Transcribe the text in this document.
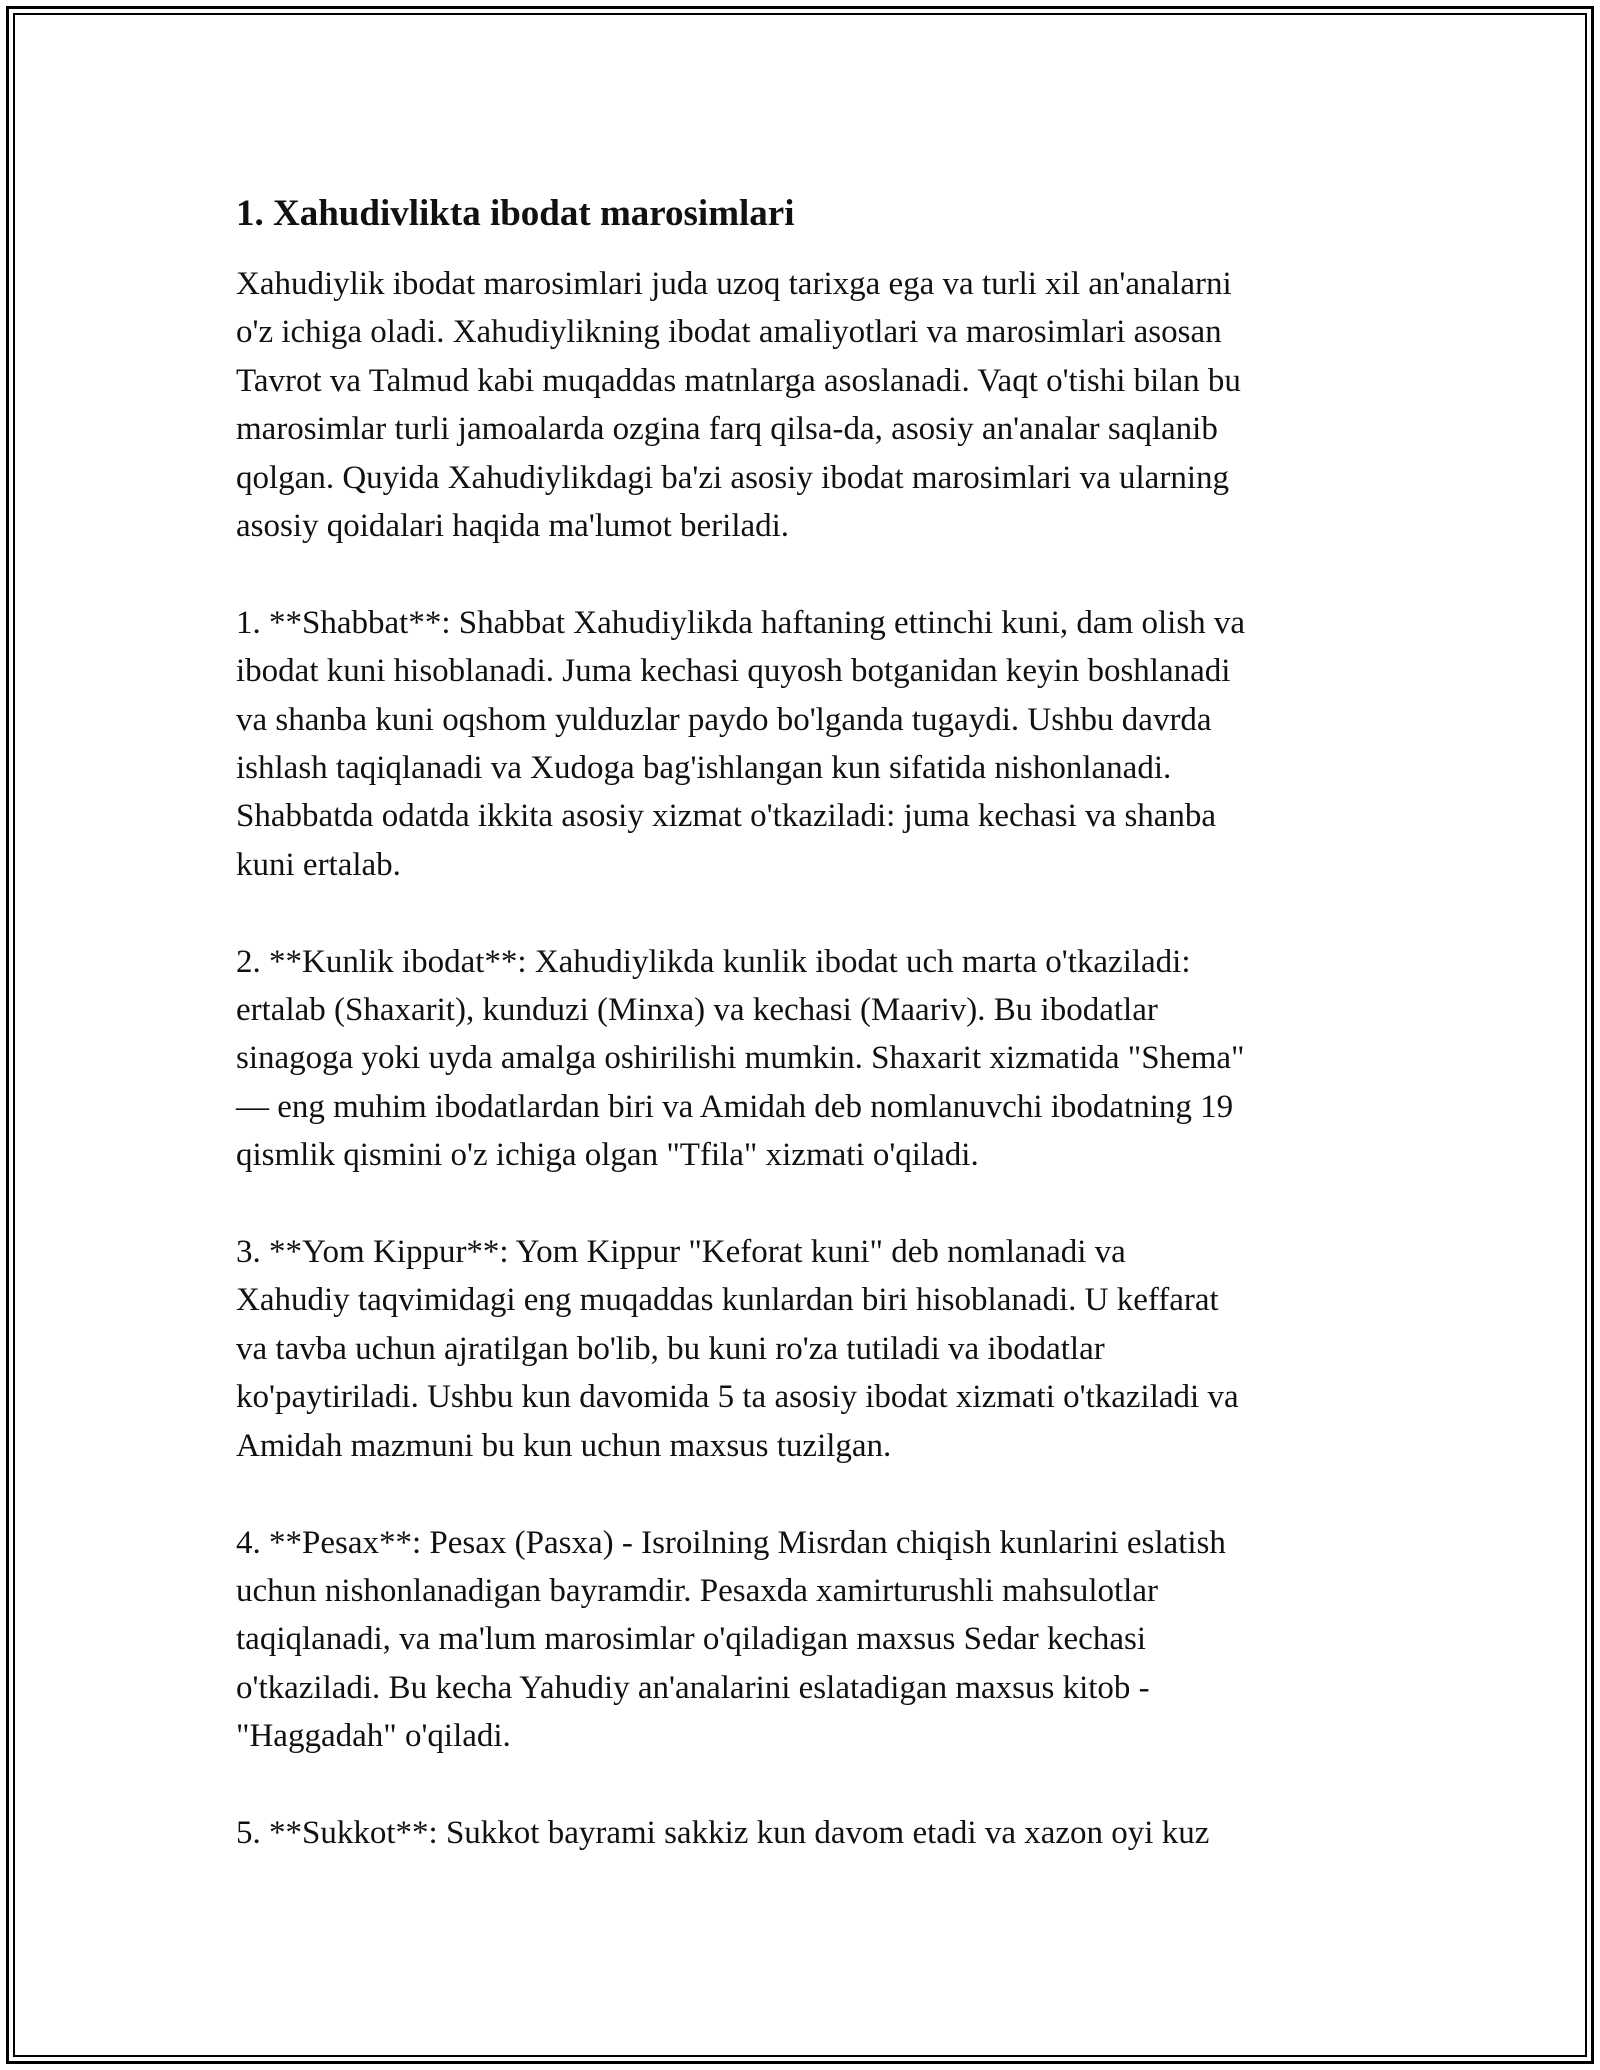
1. Xahudivlikta ibodat marosimlari
Xahudiylik ibodat marosimlari juda uzoq tarixga ega va turli xil an'analarni
o'z ichiga oladi. Xahudiylikning ibodat amaliyotlari va marosimlari asosan
Tavrot va Talmud kabi muqaddas matnlarga asoslanadi. Vaqt o'tishi bilan bu
marosimlar turli jamoalarda ozgina farq qilsa-da, asosiy an'analar saqlanib
qolgan. Quyida Xahudiylikdagi ba'zi asosiy ibodat marosimlari va ularning
asosiy qoidalari haqida ma'lumot beriladi.
1. **Shabbat**: Shabbat Xahudiylikda haftaning ettinchi kuni, dam olish va
ibodat kuni hisoblanadi. Juma kechasi quyosh botganidan keyin boshlanadi
va shanba kuni oqshom yulduzlar paydo bo'lganda tugaydi. Ushbu davrda
ishlash taqiqlanadi va Xudoga bag'ishlangan kun sifatida nishonlanadi.
Shabbatda odatda ikkita asosiy xizmat o'tkaziladi: juma kechasi va shanba
kuni ertalab.
2. **Kunlik ibodat**: Xahudiylikda kunlik ibodat uch marta o'tkaziladi:
ertalab (Shaxarit), kunduzi (Minxa) va kechasi (Maariv). Bu ibodatlar
sinagoga yoki uyda amalga oshirilishi mumkin. Shaxarit xizmatida "Shema"
— eng muhim ibodatlardan biri va Amidah deb nomlanuvchi ibodatning 19
qismlik qismini o'z ichiga olgan "Tfila" xizmati o'qiladi.
3. **Yom Kippur**: Yom Kippur "Keforat kuni" deb nomlanadi va
Xahudiy taqvimidagi eng muqaddas kunlardan biri hisoblanadi. U keffarat
va tavba uchun ajratilgan bo'lib, bu kuni ro'za tutiladi va ibodatlar
ko'paytiriladi. Ushbu kun davomida 5 ta asosiy ibodat xizmati o'tkaziladi va
Amidah mazmuni bu kun uchun maxsus tuzilgan.
4. **Pesax**: Pesax (Pasxa) - Isroilning Misrdan chiqish kunlarini eslatish
uchun nishonlanadigan bayramdir. Pesaxda xamirturushli mahsulotlar
taqiqlanadi, va ma'lum marosimlar o'qiladigan maxsus Sedar kechasi
o'tkaziladi. Bu kecha Yahudiy an'analarini eslatadigan maxsus kitob -
"Haggadah" o'qiladi.
5. **Sukkot**: Sukkot bayrami sakkiz kun davom etadi va xazon oyi kuz
